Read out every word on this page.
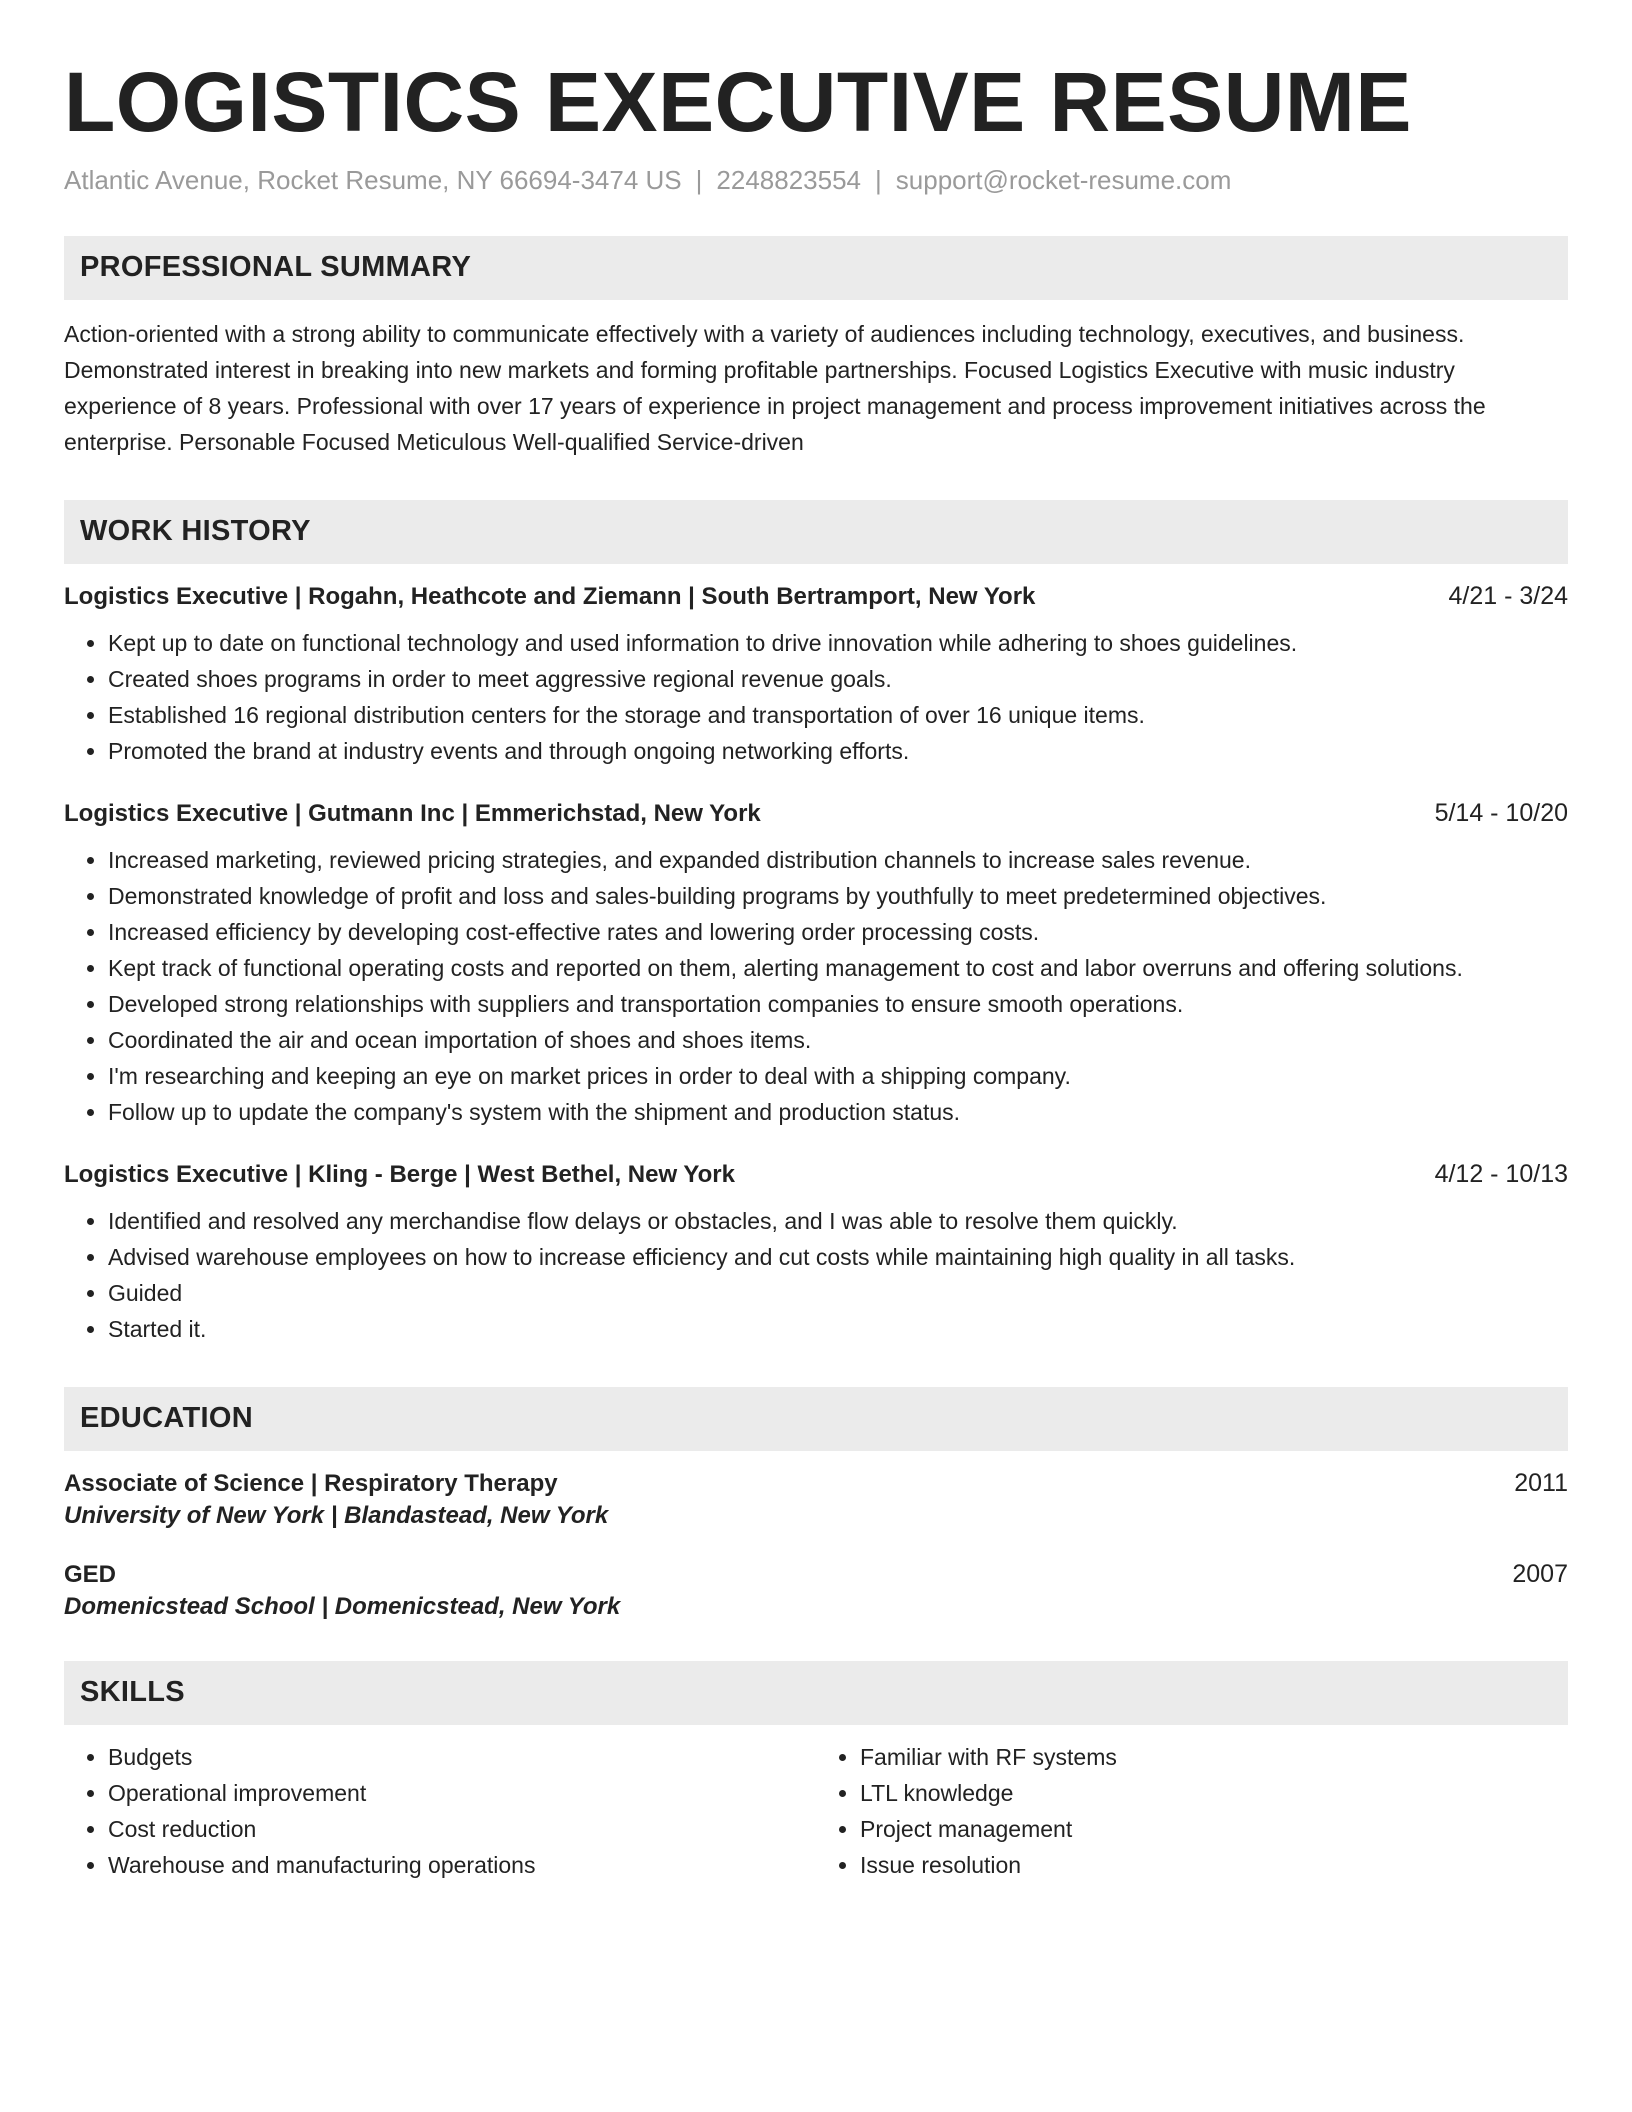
LOGISTICS EXECUTIVE RESUME
Atlantic Avenue, Rocket Resume, NY 66694-3474 US | 2248823554 | support@rocket-resume.com
PROFESSIONAL SUMMARY
Action-oriented with a strong ability to communicate effectively with a variety of audiences including technology, executives, and business. Demonstrated interest in breaking into new markets and forming profitable partnerships. Focused Logistics Executive with music industry experience of 8 years. Professional with over 17 years of experience in project management and process improvement initiatives across the enterprise. Personable Focused Meticulous Well-qualified Service-driven
WORK HISTORY
Logistics Executive | Rogahn, Heathcote and Ziemann | South Bertramport, New York	4/21 - 3/24
• Kept up to date on functional technology and used information to drive innovation while adhering to shoes guidelines.
• Created shoes programs in order to meet aggressive regional revenue goals.
• Established 16 regional distribution centers for the storage and transportation of over 16 unique items.
• Promoted the brand at industry events and through ongoing networking efforts.
Logistics Executive | Gutmann Inc | Emmerichstad, New York	5/14 - 10/20
• Increased marketing, reviewed pricing strategies, and expanded distribution channels to increase sales revenue.
• Demonstrated knowledge of profit and loss and sales-building programs by youthfully to meet predetermined objectives.
• Increased efficiency by developing cost-effective rates and lowering order processing costs.
• Kept track of functional operating costs and reported on them, alerting management to cost and labor overruns and offering solutions.
• Developed strong relationships with suppliers and transportation companies to ensure smooth operations.
• Coordinated the air and ocean importation of shoes and shoes items.
• I'm researching and keeping an eye on market prices in order to deal with a shipping company.
• Follow up to update the company's system with the shipment and production status.
Logistics Executive | Kling - Berge | West Bethel, New York	4/12 - 10/13
• Identified and resolved any merchandise flow delays or obstacles, and I was able to resolve them quickly.
• Advised warehouse employees on how to increase efficiency and cut costs while maintaining high quality in all tasks.
• Guided
• Started it.
EDUCATION
Associate of Science | Respiratory Therapy	2011
University of New York | Blandastead, New York
GED	2007
Domenicstead School | Domenicstead, New York
SKILLS
• Budgets
• Operational improvement
• Cost reduction
• Warehouse and manufacturing operations
• Familiar with RF systems
• LTL knowledge
• Project management
• Issue resolution
